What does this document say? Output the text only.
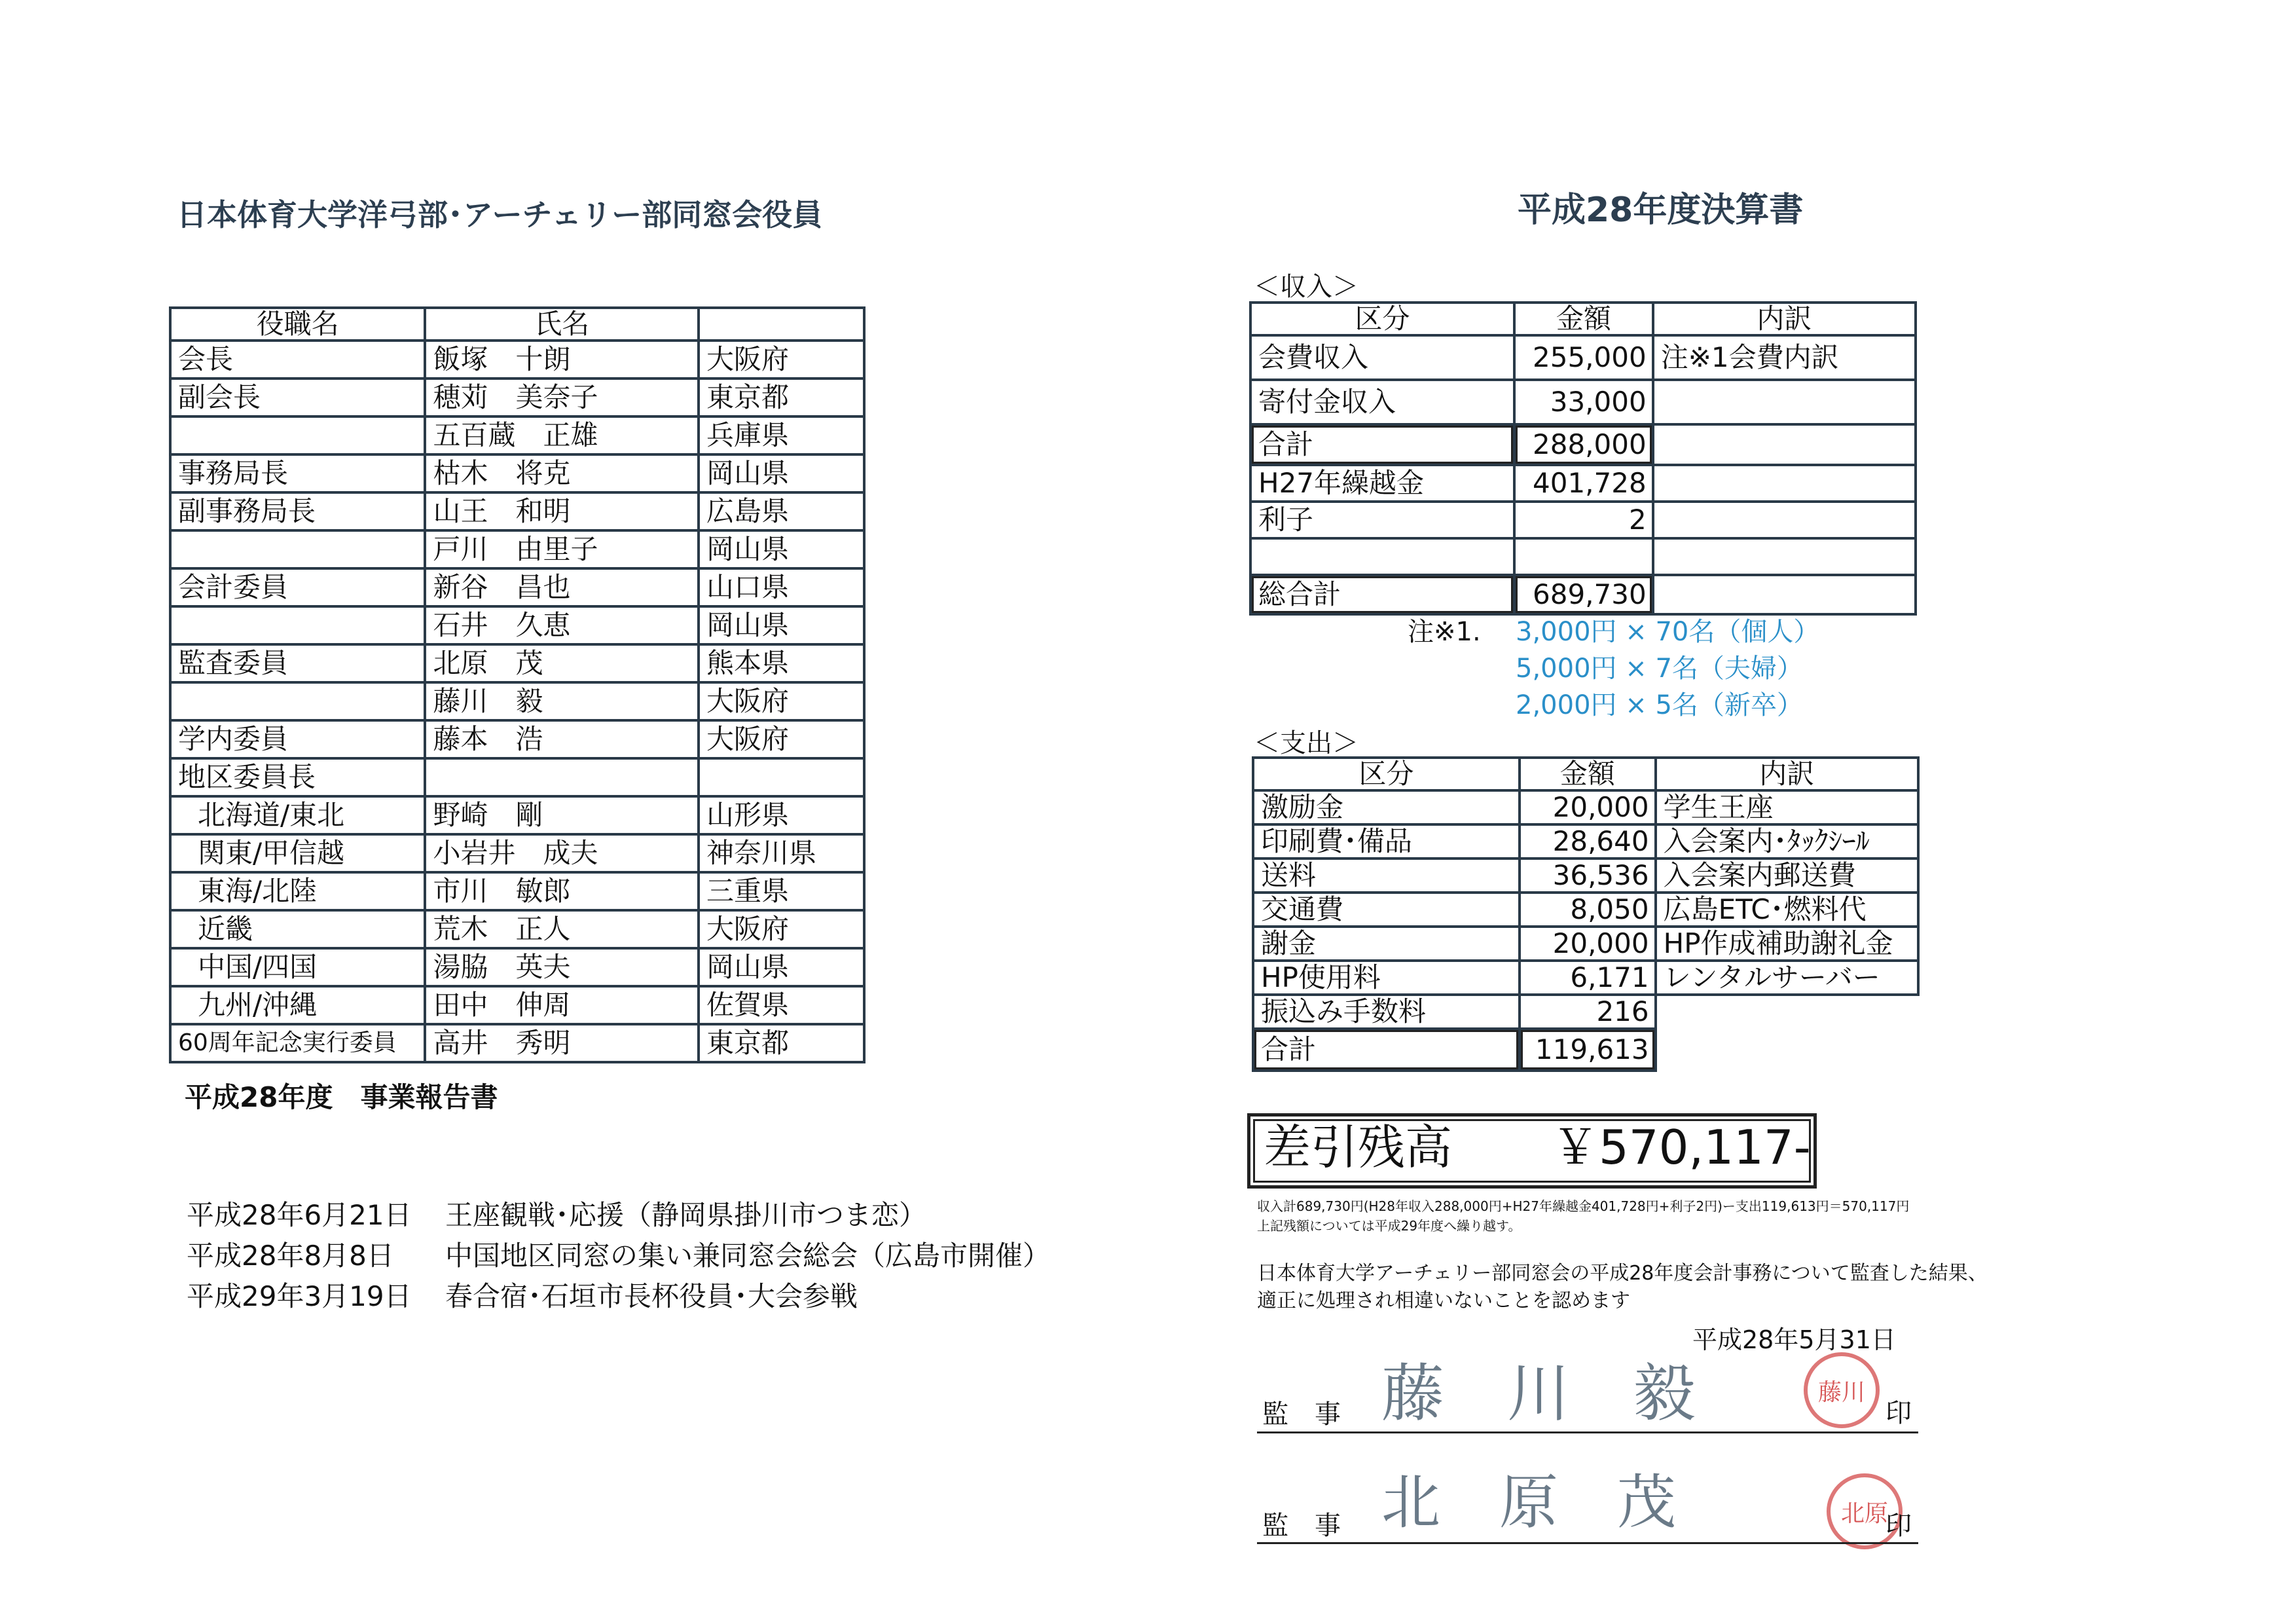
日本体育大学洋弓部･アーチェリー部同窓会役員
役職名	氏名	
会長	飯塚　十朗	大阪府
副会長	穂苅　美奈子	東京都
	五百蔵　正雄	兵庫県
事務局長	枯木　将克	岡山県
副事務局長	山王　和明	広島県
	戸川　由里子	岡山県
会計委員	新谷　昌也	山口県
	石井　久恵	岡山県
監査委員	北原　茂	熊本県
	藤川　毅	大阪府
学内委員	藤本　浩	大阪府
地区委員長		
北海道/東北	野崎　剛	山形県
関東/甲信越	小岩井　成夫	神奈川県
東海/北陸	市川　敏郎	三重県
近畿	荒木　正人	大阪府
中国/四国	湯脇　英夫	岡山県
九州/沖縄	田中　伸周	佐賀県
60周年記念実行委員	高井　秀明	東京都
平成28年度　事業報告書
平成28年6月21日 王座観戦･応援（静岡県掛川市つま恋）
平成28年8月8日 中国地区同窓の集い兼同窓会総会（広島市開催）
平成29年3月19日 春合宿･石垣市長杯役員･大会参戦
平成28年度決算書
＜収入＞
区分	金額	内訳
会費収入	255,000	注※1会費内訳
寄付金収入	33,000	
合計	288,000	
H27年繰越金	401,728	
利子	2	

総合計	689,730	
注※1. 3,000円 × 70名（個人）
5,000円 × 7名（夫婦）
2,000円 × 5名（新卒）
＜支出＞
区分	金額	内訳
激励金	20,000	学生王座
印刷費･備品	28,640	入会案内･ﾀｯｸｼｰﾙ
送料	36,536	入会案内郵送費
交通費	8,050	広島ETC･燃料代
謝金	20,000	HP作成補助謝礼金
HP使用料	6,171	レンタルサーバー
振込み手数料	216	
合計	119,613	
差引残高 ￥570,117-
収入計689,730円(H28年収入288,000円+H27年繰越金401,728円+利子2円)ー支出119,613円＝570,117円
上記残額については平成29年度へ繰り越す。
日本体育大学アーチェリー部同窓会の平成28年度会計事務について監査した結果、
適正に処理され相違いないことを認めます
平成28年5月31日
監　事 藤　川　毅	藤川
印
監　事 北　原　茂	北原
印
